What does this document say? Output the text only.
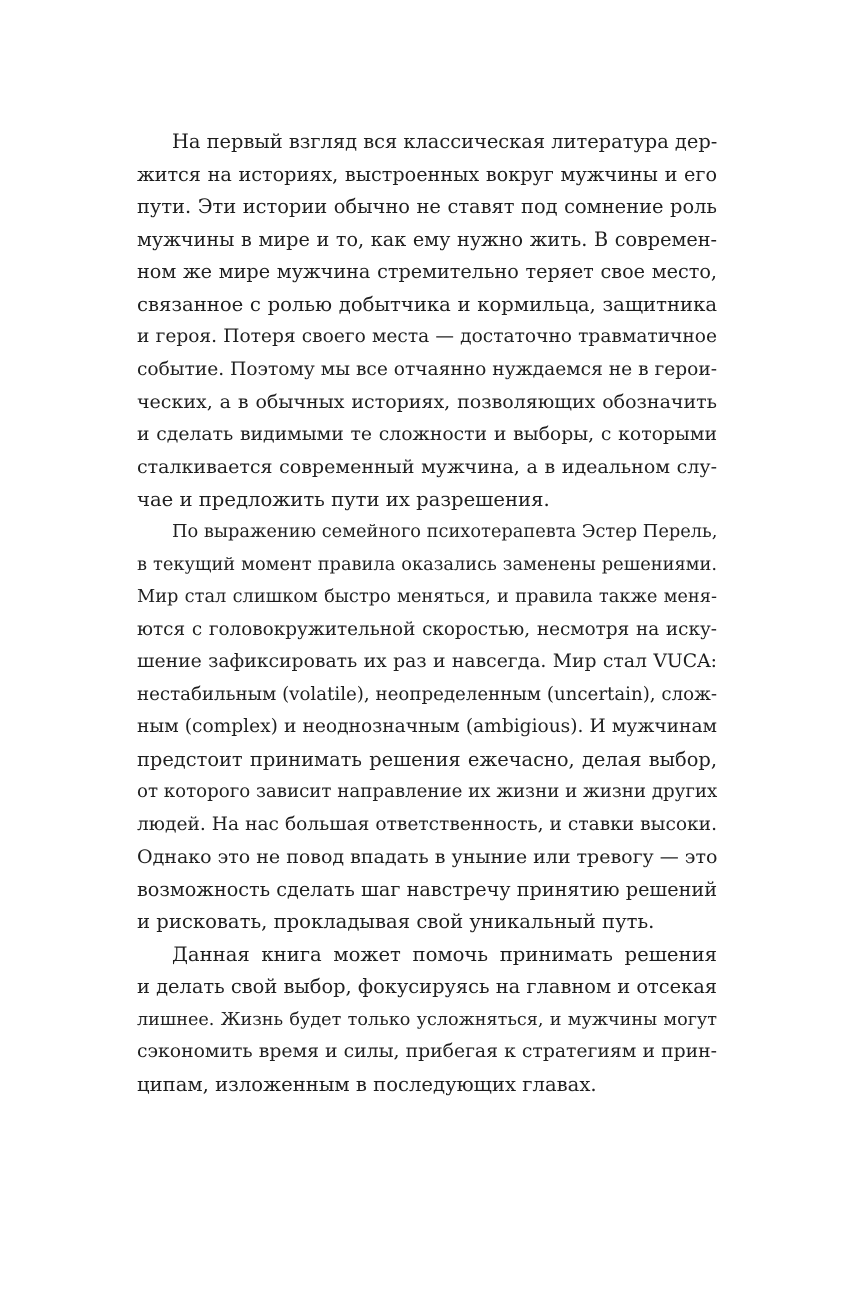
На первый взгляд вся классическая литература дер-
жится на историях, выстроенных вокруг мужчины и его
пути. Эти истории обычно не ставят под сомнение роль
мужчины в мире и то, как ему нужно жить. В современ-
ном же мире мужчина стремительно теряет свое место,
связанное с ролью добытчика и кормильца, защитника
и героя. Потеря своего места — достаточно травматичное
событие. Поэтому мы все отчаянно нуждаемся не в герои-
ческих, а в обычных историях, позволяющих обозначить
и сделать видимыми те сложности и выборы, с которыми
сталкивается современный мужчина, а в идеальном слу-
чае и предложить пути их разрешения.
По выражению семейного психотерапевта Эстер Перель,
в текущий момент правила оказались заменены решениями.
Мир стал слишком быстро меняться, и правила также меня-
ются с головокружительной скоростью, несмотря на иску-
шение зафиксировать их раз и навсегда. Мир стал VUCA:
нестабильным (volatile), неопределенным (uncertain), слож-
ным (complex) и неоднозначным (ambigious). И мужчинам
предстоит принимать решения ежечасно, делая выбор,
от которого зависит направление их жизни и жизни других
людей. На нас большая ответственность, и ставки высоки.
Однако это не повод впадать в уныние или тревогу — это
возможность сделать шаг навстречу принятию решений
и рисковать, прокладывая свой уникальный путь.
Данная книга может помочь принимать решения
и делать свой выбор, фокусируясь на главном и отсекая
лишнее. Жизнь будет только усложняться, и мужчины могут
сэкономить время и силы, прибегая к стратегиям и прин-
ципам, изложенным в последующих главах.
